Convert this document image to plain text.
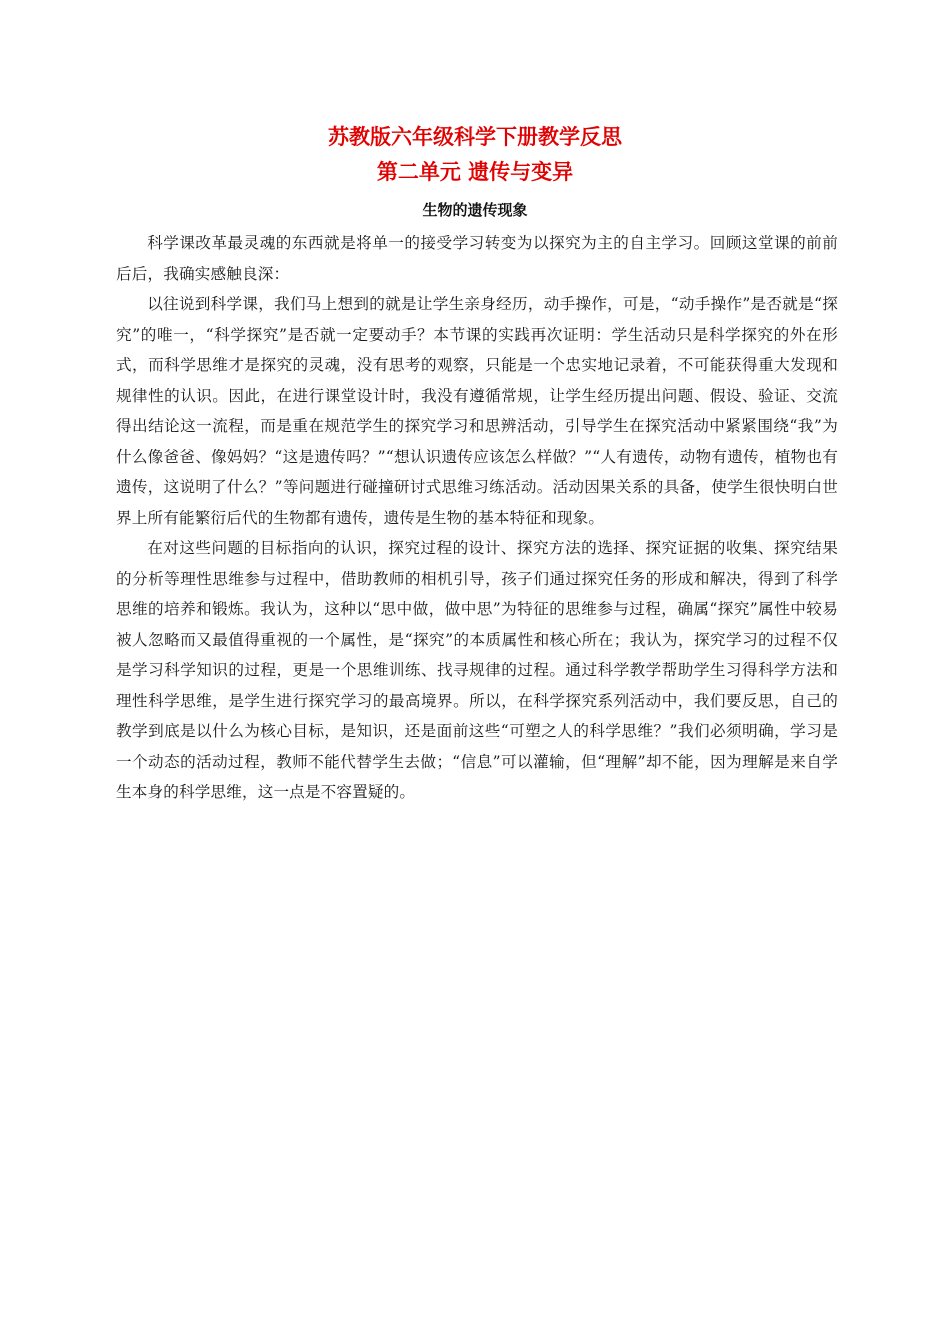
苏教版六年级科学下册教学反思
第二单元 遗传与变异
生物的遗传现象

科学课改革最灵魂的东西就是将单一的接受学习转变为以探究为主的自主学习。回顾这堂课的前前后后，我确实感触良深：

以往说到科学课，我们马上想到的就是让学生亲身经历，动手操作，可是，“动手操作”是否就是“探究”的唯一，“科学探究”是否就一定要动手？本节课的实践再次证明：学生活动只是科学探究的外在形式，而科学思维才是探究的灵魂，没有思考的观察，只能是一个忠实地记录着，不可能获得重大发现和规律性的认识。因此，在进行课堂设计时，我没有遵循常规，让学生经历提出问题、假设、验证、交流得出结论这一流程，而是重在规范学生的探究学习和思辨活动，引导学生在探究活动中紧紧围绕“我”为什么像爸爸、像妈妈？“这是遗传吗？”“想认识遗传应该怎么样做？”“人有遗传，动物有遗传，植物也有遗传，这说明了什么？”等问题进行碰撞研讨式思维习练活动。活动因果关系的具备，使学生很快明白世界上所有能繁衍后代的生物都有遗传，遗传是生物的基本特征和现象。

在对这些问题的目标指向的认识，探究过程的设计、探究方法的选择、探究证据的收集、探究结果的分析等理性思维参与过程中，借助教师的相机引导，孩子们通过探究任务的形成和解决，得到了科学思维的培养和锻炼。我认为，这种以“思中做，做中思”为特征的思维参与过程，确属“探究”属性中较易被人忽略而又最值得重视的一个属性，是“探究”的本质属性和核心所在；我认为，探究学习的过程不仅是学习科学知识的过程，更是一个思维训练、找寻规律的过程。通过科学教学帮助学生习得科学方法和理性科学思维，是学生进行探究学习的最高境界。所以，在科学探究系列活动中，我们要反思，自己的教学到底是以什么为核心目标，是知识，还是面前这些“可塑之人的科学思维？”我们必须明确，学习是一个动态的活动过程，教师不能代替学生去做；“信息”可以灌输，但“理解”却不能，因为理解是来自学生本身的科学思维，这一点是不容置疑的。
